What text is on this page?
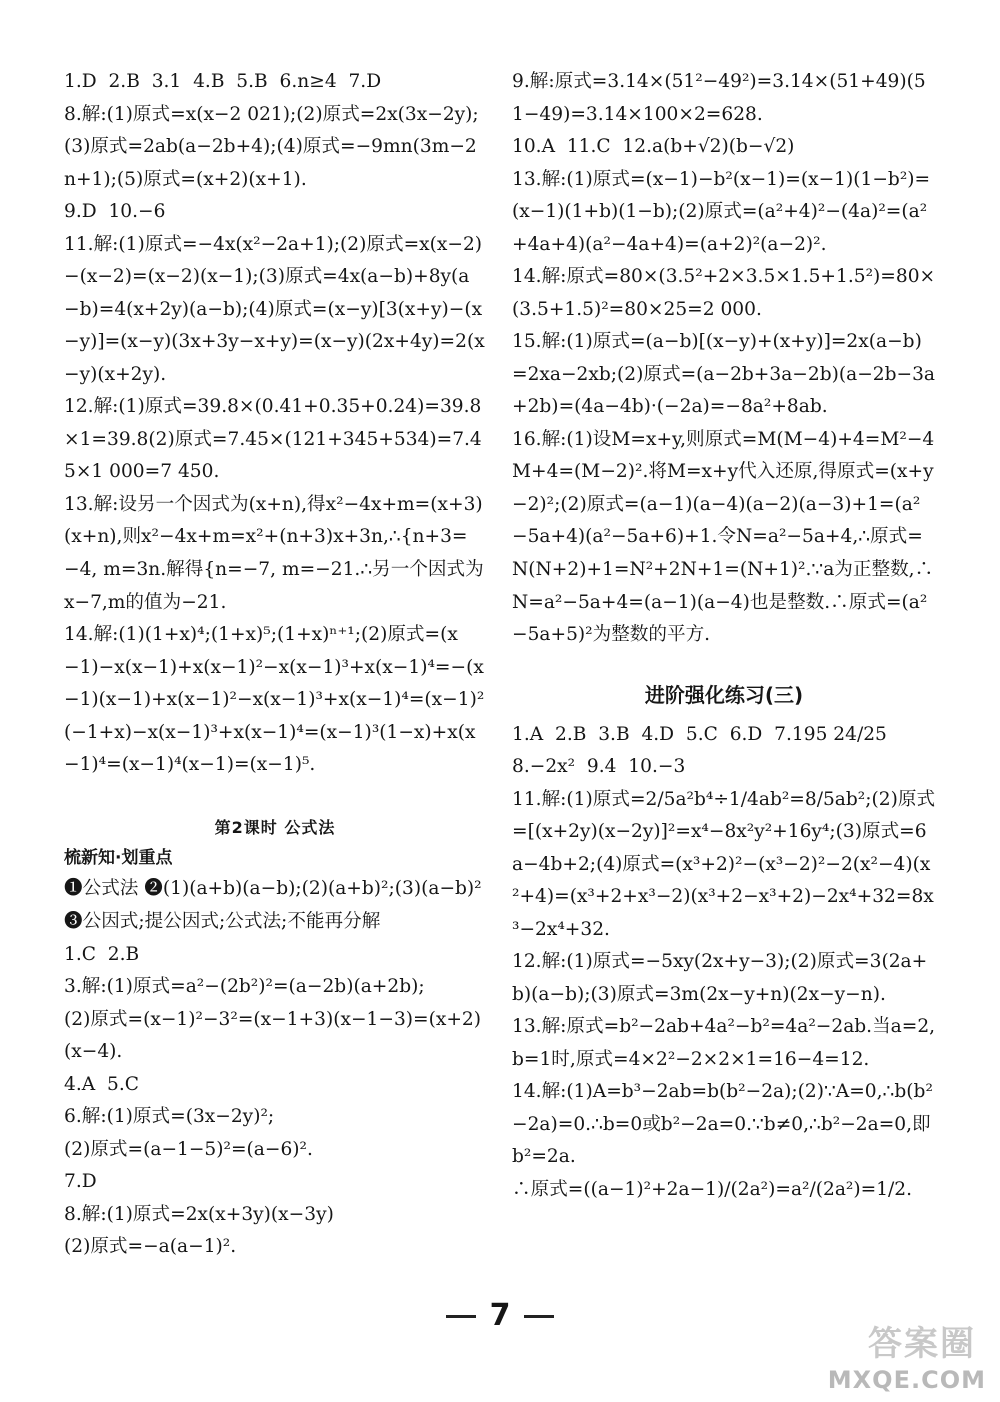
1.D  2.B  3.1  4.B  5.B  6.n≥4  7.D

8.解:(1)原式=x(x−2 021);(2)原式=2x(3x−2y);(3)原式=2ab(a−2b+4);(4)原式=−9mn(3m−2n+1);(5)原式=(x+2)(x+1).

9.D  10.−6

11.解:(1)原式=−4x(x²−2a+1);(2)原式=x(x−2)−(x−2)=(x−2)(x−1);(3)原式=4x(a−b)+8y(a−b)=4(x+2y)(a−b);(4)原式=(x−y)[3(x+y)−(x−y)]=(x−y)(3x+3y−x+y)=(x−y)(2x+4y)=2(x−y)(x+2y).

12.解:(1)原式=39.8×(0.41+0.35+0.24)=39.8×1=39.8(2)原式=7.45×(121+345+534)=7.45×1 000=7 450.

13.解:设另一个因式为(x+n),得x²−4x+m=(x+3)(x+n),则x²−4x+m=x²+(n+3)x+3n,∴{n+3=−4, m=3n.解得{n=−7, m=−21.∴另一个因式为x−7,m的值为−21.

14.解:(1)(1+x)⁴;(1+x)⁵;(1+x)ⁿ⁺¹;(2)原式=(x−1)−x(x−1)+x(x−1)²−x(x−1)³+x(x−1)⁴=−(x−1)(x−1)+x(x−1)²−x(x−1)³+x(x−1)⁴=(x−1)²(−1+x)−x(x−1)³+x(x−1)⁴=(x−1)³(1−x)+x(x−1)⁴=(x−1)⁴(x−1)=(x−1)⁵.

第2课时 公式法
梳新知·划重点

❶公式法 ❷(1)(a+b)(a−b);(2)(a+b)²;(3)(a−b)² ❸公因式;提公因式;公式法;不能再分解

1.C  2.B

3.解:(1)原式=a²−(2b²)²=(a−2b)(a+2b);

(2)原式=(x−1)²−3²=(x−1+3)(x−1−3)=(x+2)(x−4).

4.A  5.C

6.解:(1)原式=(3x−2y)²;

(2)原式=(a−1−5)²=(a−6)².

7.D

8.解:(1)原式=2x(x+3y)(x−3y)

(2)原式=−a(a−1)².

9.解:原式=3.14×(51²−49²)=3.14×(51+49)(51−49)=3.14×100×2=628.

10.A  11.C  12.a(b+√2)(b−√2)

13.解:(1)原式=(x−1)−b²(x−1)=(x−1)(1−b²)=(x−1)(1+b)(1−b);(2)原式=(a²+4)²−(4a)²=(a²+4a+4)(a²−4a+4)=(a+2)²(a−2)².

14.解:原式=80×(3.5²+2×3.5×1.5+1.5²)=80×(3.5+1.5)²=80×25=2 000.

15.解:(1)原式=(a−b)[(x−y)+(x+y)]=2x(a−b)=2xa−2xb;(2)原式=(a−2b+3a−2b)(a−2b−3a+2b)=(4a−4b)·(−2a)=−8a²+8ab.

16.解:(1)设M=x+y,则原式=M(M−4)+4=M²−4M+4=(M−2)².将M=x+y代入还原,得原式=(x+y−2)²;(2)原式=(a−1)(a−4)(a−2)(a−3)+1=(a²−5a+4)(a²−5a+6)+1.令N=a²−5a+4,∴原式=N(N+2)+1=N²+2N+1=(N+1)².∵a为正整数,∴N=a²−5a+4=(a−1)(a−4)也是整数.∴原式=(a²−5a+5)²为整数的平方.

进阶强化练习(三)

1.A  2.B  3.B  4.D  5.C  6.D  7.195 24/25

8.−2x²  9.4  10.−3

11.解:(1)原式=2/5a²b⁴÷1/4ab²=8/5ab²;(2)原式=[(x+2y)(x−2y)]²=x⁴−8x²y²+16y⁴;(3)原式=6a−4b+2;(4)原式=(x³+2)²−(x³−2)²−2(x²−4)(x²+4)=(x³+2+x³−2)(x³+2−x³+2)−2x⁴+32=8x³−2x⁴+32.

12.解:(1)原式=−5xy(2x+y−3);(2)原式=3(2a+b)(a−b);(3)原式=3m(2x−y+n)(2x−y−n).

13.解:原式=b²−2ab+4a²−b²=4a²−2ab.当a=2,b=1时,原式=4×2²−2×2×1=16−4=12.

14.解:(1)A=b³−2ab=b(b²−2a);(2)∵A=0,∴b(b²−2a)=0.∴b=0或b²−2a=0.∵b≠0,∴b²−2a=0,即b²=2a.

∴原式=((a−1)²+2a−1)/(2a²)=a²/(2a²)=1/2.

7
答案圈
MXQE.COM
